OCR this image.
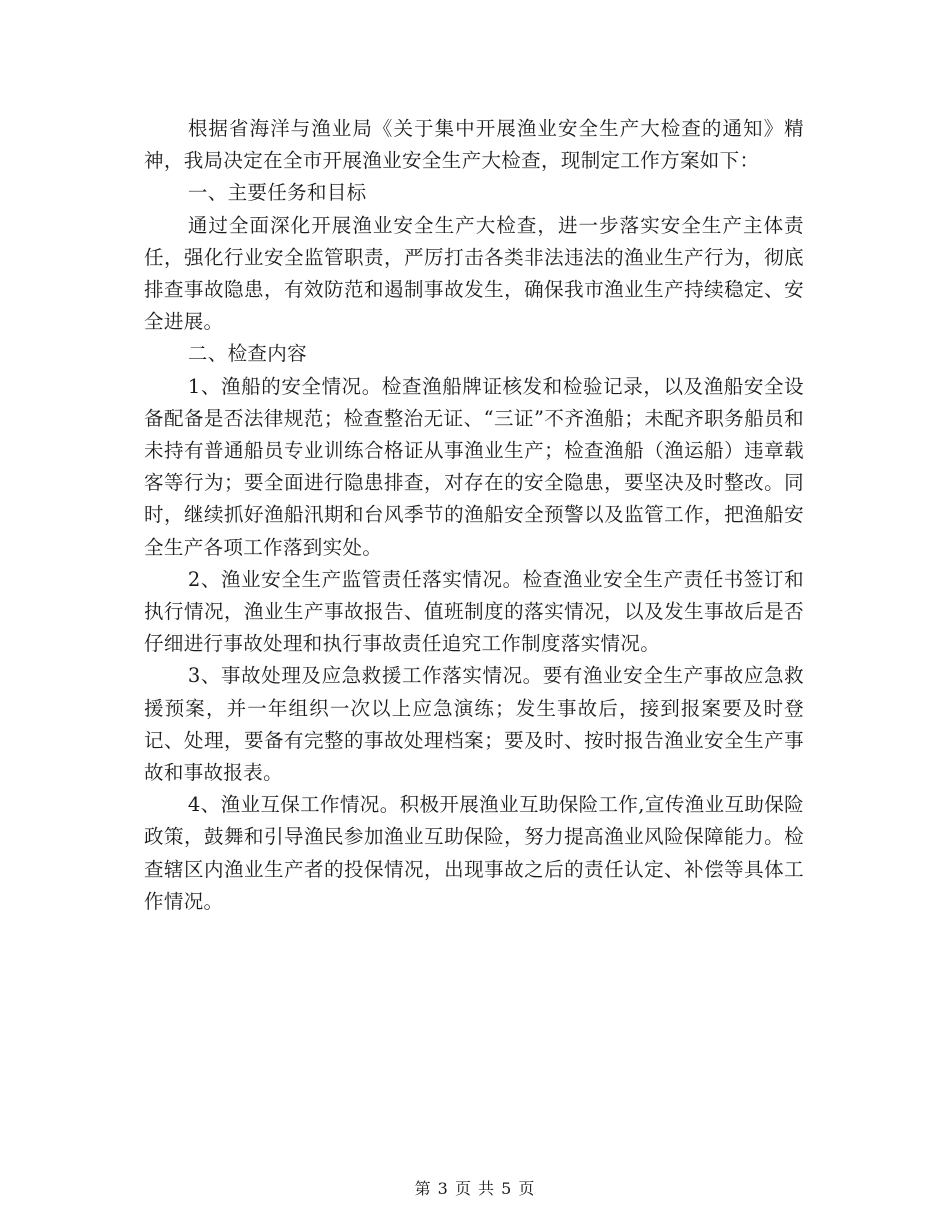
根据省海洋与渔业局《关于集中开展渔业安全生产大检查的通知》精神，我局决定在全市开展渔业安全生产大检查，现制定工作方案如下：

一、主要任务和目标

通过全面深化开展渔业安全生产大检查，进一步落实安全生产主体责任，强化行业安全监管职责，严厉打击各类非法违法的渔业生产行为，彻底排查事故隐患，有效防范和遏制事故发生，确保我市渔业生产持续稳定、安全进展。

二、检查内容

1、渔船的安全情况。检查渔船牌证核发和检验记录，以及渔船安全设备配备是否法律规范；检查整治无证、“三证”不齐渔船；未配齐职务船员和未持有普通船员专业训练合格证从事渔业生产；检查渔船（渔运船）违章载客等行为；要全面进行隐患排查，对存在的安全隐患，要坚决及时整改。同时，继续抓好渔船汛期和台风季节的渔船安全预警以及监管工作，把渔船安全生产各项工作落到实处。

2、渔业安全生产监管责任落实情况。检查渔业安全生产责任书签订和执行情况，渔业生产事故报告、值班制度的落实情况，以及发生事故后是否仔细进行事故处理和执行事故责任追究工作制度落实情况。

3、事故处理及应急救援工作落实情况。要有渔业安全生产事故应急救援预案，并一年组织一次以上应急演练；发生事故后，接到报案要及时登记、处理，要备有完整的事故处理档案；要及时、按时报告渔业安全生产事故和事故报表。

4、渔业互保工作情况。积极开展渔业互助保险工作,宣传渔业互助保险政策，鼓舞和引导渔民参加渔业互助保险，努力提高渔业风险保障能力。检查辖区内渔业生产者的投保情况，出现事故之后的责任认定、补偿等具体工作情况。

第 3 页 共 5 页
